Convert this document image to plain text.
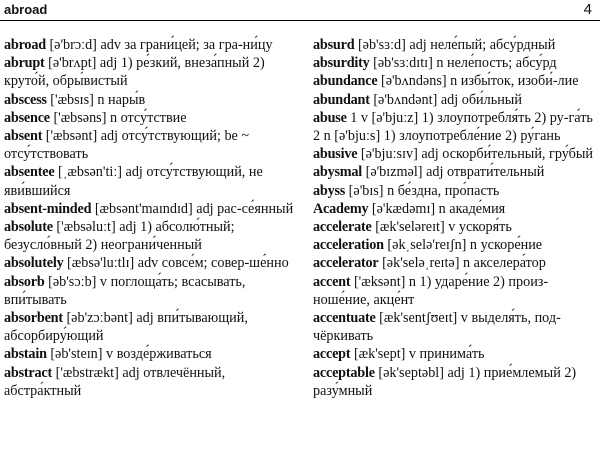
abroad	4
abroad [ə'brɔːd] adv за грани́цей; за гра-ни́цу
abrupt [ə'brʌpt] adj 1) ре́зкий, внеза́пный 2) круто́й, обры́вистый
abscess ['æbsɪs] n нары́в
absence ['æbsəns] n отсу́тствие
absent ['æbsənt] adj отсу́тствующий; be ~ отсу́тствовать
absentee [ˌæbsən'tiː] adj отсу́тствующий, не яви́вшийся
absent-minded [æbsənt'maɪndɪd] adj рас-се́янный
absolute ['æbsəluːt] adj 1) абсолю́тный; безусло́вный 2) неограни́ченный
absolutely [æbsə'luːtlɪ] adv совсе́м; совер-ше́нно
absorb [əb'sɔːb] v поглоща́ть; всасывать, впи́тывать
absorbent [əb'zɔːbənt] adj впи́тывающий, абсорбиру́ющий
abstain [əb'steɪn] v возде́рживаться
abstract ['æbstrækt] adj отвлечённый, абстра́ктный
absurd [əb'sɜːd] adj неле́пый; абсу́рдный
absurdity [əb'sɜːdɪtɪ] n неле́пость; абсу́рд
abundance [ə'bʌndəns] n избы́ток, изоби́-лие
abundant [ə'bʌndənt] adj оби́льный
abuse 1 v [ə'bjuːz] 1) злоупотребля́ть 2) ру-га́ть 2 n [ə'bjuːs] 1) злоупотребле́ние 2) ру́гань
abusive [ə'bjuːsɪv] adj оскорби́тельный, гру́бый
abysmal [ə'bɪzməl] adj отврати́тельный
abyss [ə'bɪs] n бе́здна, про́пасть
Academy [ə'kædəmɪ] n акаде́мия
accelerate [æk'seləreɪt] v ускоря́ть
acceleration [əkˌselə'reɪʃn] n ускоре́ние
accelerator [ək'seləˌreɪtə] n акселера́тор
accent ['æksənt] n 1) ударе́ние 2) произ-ноше́ние, акце́нт
accentuate [æk'sentʃʊeɪt] v выделя́ть, под-чёркивать
accept [æk'sept] v принима́ть
acceptable [ək'septəbl] adj 1) прие́млемый 2) разу́мный
